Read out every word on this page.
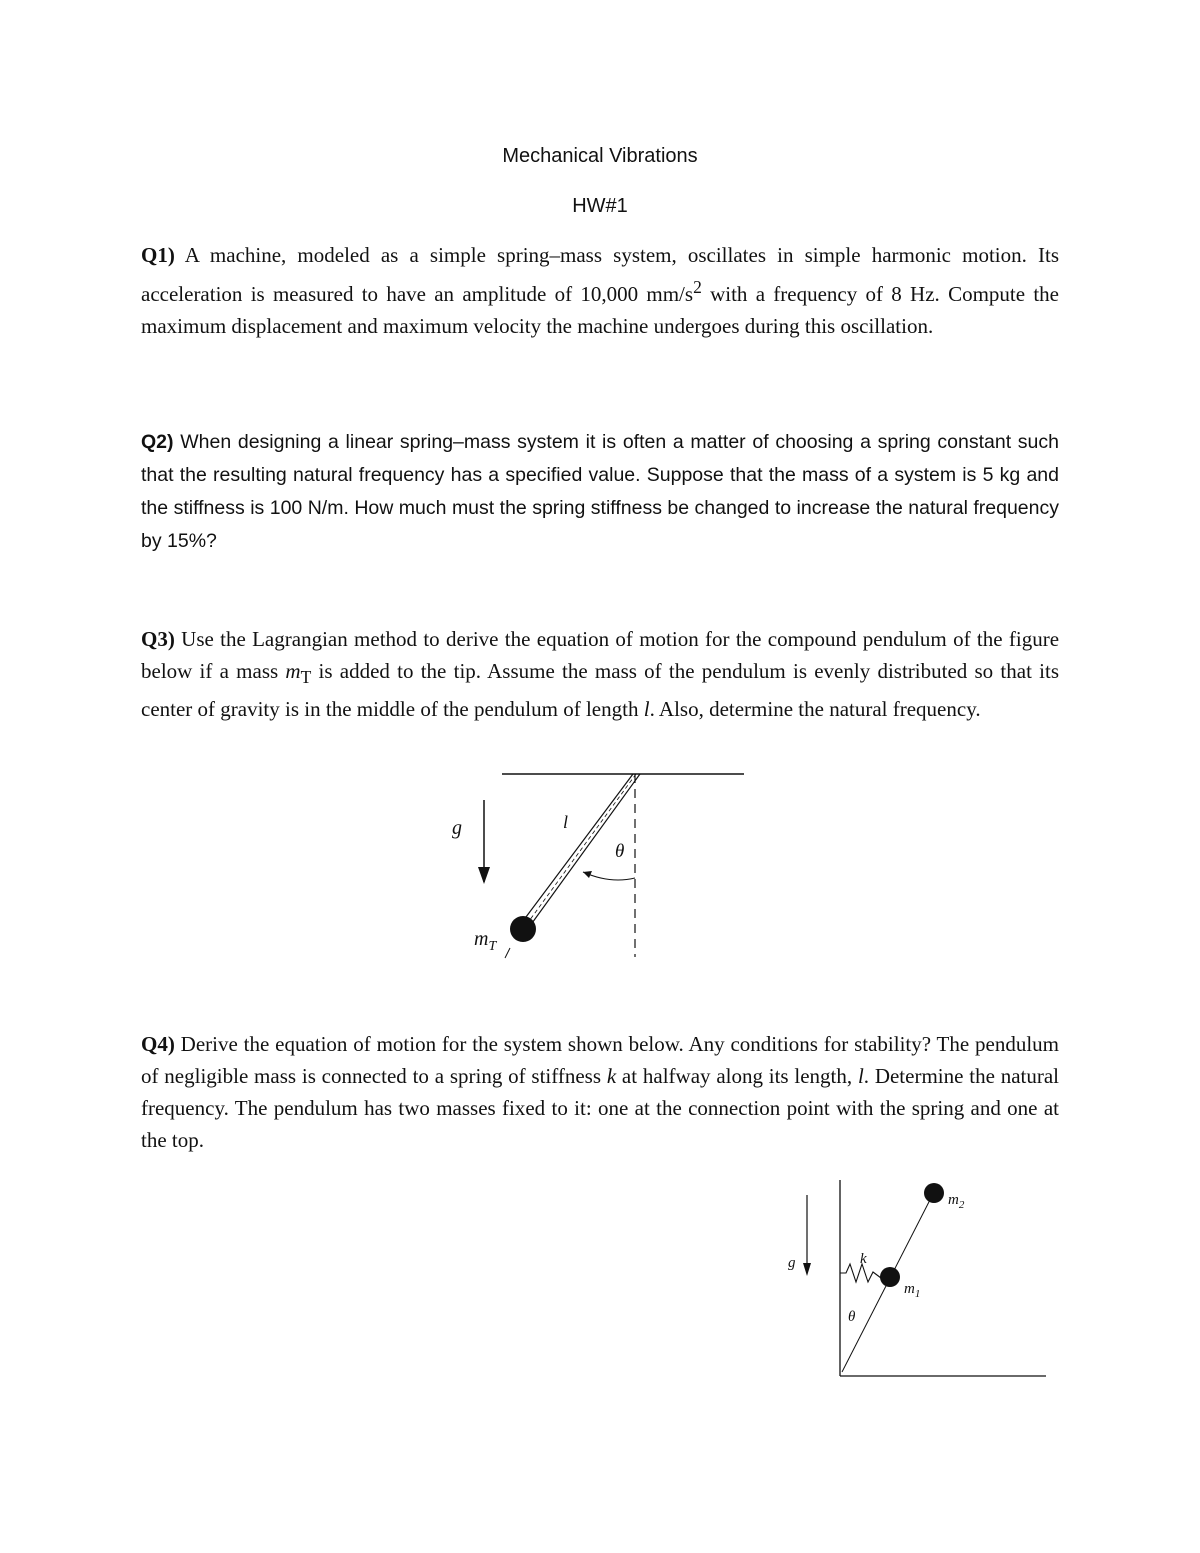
Mechanical Vibrations
HW#1

Q1) A machine, modeled as a simple spring–mass system, oscillates in simple harmonic motion. Its acceleration is measured to have an amplitude of 10,000 $mm/s^2$ with a frequency of 8 Hz. Compute the maximum displacement and maximum velocity the machine undergoes during this oscillation.

Q2) When designing a linear spring–mass system it is often a matter of choosing a spring constant such that the resulting natural frequency has a specified value. Suppose that the mass of a system is 5 kg and the stiffness is 100 N/m. How much must the spring stiffness be changed to increase the natural frequency by 15%?

Q3) Use the Lagrangian method to derive the equation of motion for the compound pendulum of the figure below if a mass $m_T$ is added to the tip. Assume the mass of the pendulum is evenly distributed so that its center of gravity is in the middle of the pendulum of length l. Also, determine the natural frequency.

g	l
θ
$m_T$

Q4) Derive the equation of motion for the system shown below. Any conditions for stability? The pendulum of negligible mass is connected to a spring of stiffness k at halfway along its length, l. Determine the natural frequency. The pendulum has two masses fixed to it: one at the connection point with the spring and one at the top.

g	k
$m_1$
$m_2$
θ
